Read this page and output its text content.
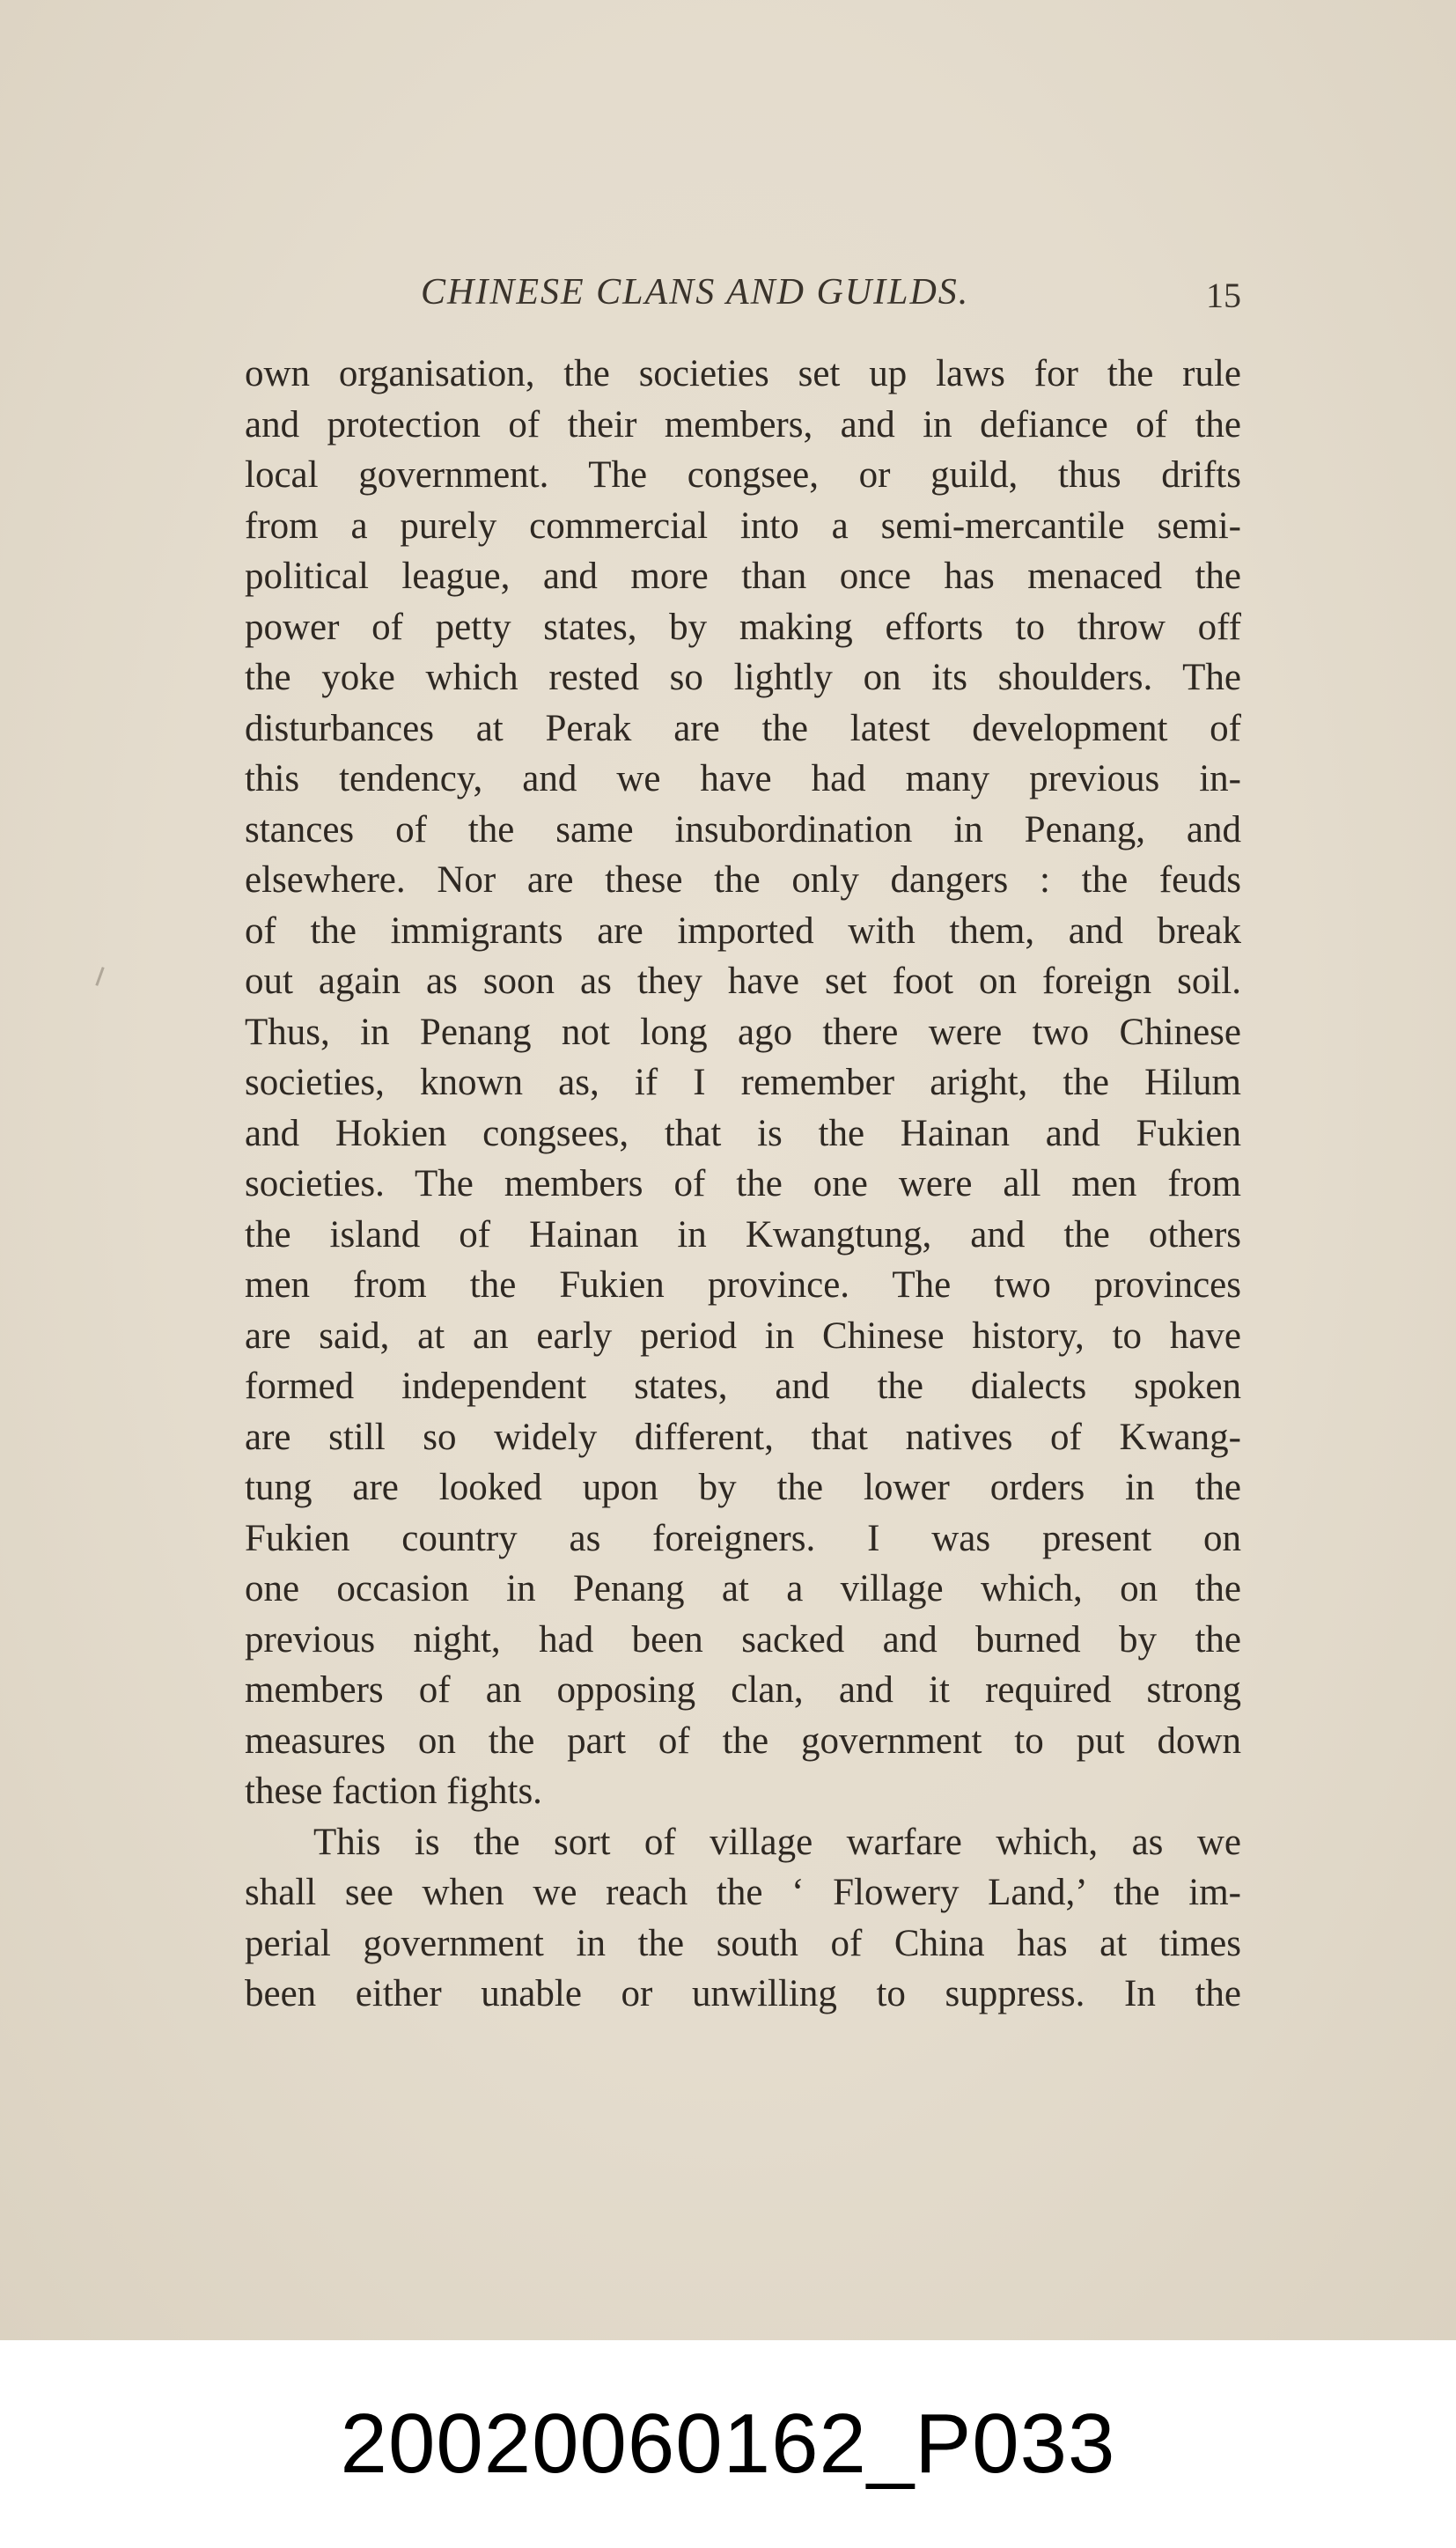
CHINESE CLANS AND GUILDS.	15
own organisation, the societies set up laws for the rule
and protection of their members, and in defiance of the
local government. The congsee, or guild, thus drifts
from a purely commercial into a semi-mercantile semi-
political league, and more than once has menaced the
power of petty states, by making efforts to throw off
the yoke which rested so lightly on its shoulders. The
disturbances at Perak are the latest development of
this tendency, and we have had many previous in-
stances of the same insubordination in Penang, and
elsewhere. Nor are these the only dangers : the feuds
of the immigrants are imported with them, and break
out again as soon as they have set foot on foreign soil.
Thus, in Penang not long ago there were two Chinese
societies, known as, if I remember aright, the Hilum
and Hokien congsees, that is the Hainan and Fukien
societies. The members of the one were all men from
the island of Hainan in Kwangtung, and the others
men from the Fukien province. The two provinces
are said, at an early period in Chinese history, to have
formed independent states, and the dialects spoken
are still so widely different, that natives of Kwang-
tung are looked upon by the lower orders in the
Fukien country as foreigners. I was present on
one occasion in Penang at a village which, on the
previous night, had been sacked and burned by the
members of an opposing clan, and it required strong
measures on the part of the government to put down
these faction fights.
This is the sort of village warfare which, as we
shall see when we reach the ‘ Flowery Land,’ the im-
perial government in the south of China has at times
been either unable or unwilling to suppress. In the
20020060162_P033
